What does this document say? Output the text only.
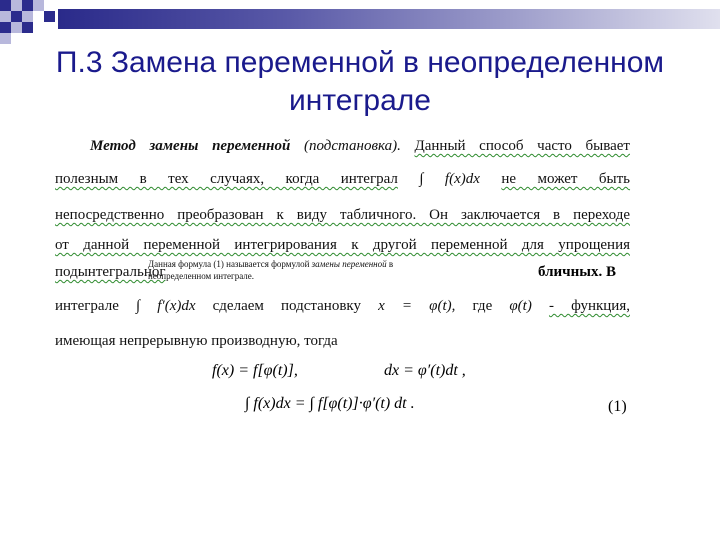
П.3 Замена переменной в неопределенном интеграле
Метод замены переменной (подстановка). Данный способ часто бывает
полезным в тех случаях, когда интеграл ∫ f(x)dx не может быть
непосредственно преобразован к виду табличного. Он заключается в переходе
от данной переменной интегрирования к другой переменной для упрощения
подынтегральног
интеграле ∫ f′(x)dx сделаем подстановку x = φ(t), где φ(t) - функция,
имеющая непрерывную производную, тогда
Данная формула (1) называется формулой замены переменной в
неопределенном интеграле.	бличных. В
f(x) = f[φ(t)],	dx = φ′(t)dt ,
∫ f(x)dx = ∫ f[φ(t)]·φ′(t) dt .	(1)
